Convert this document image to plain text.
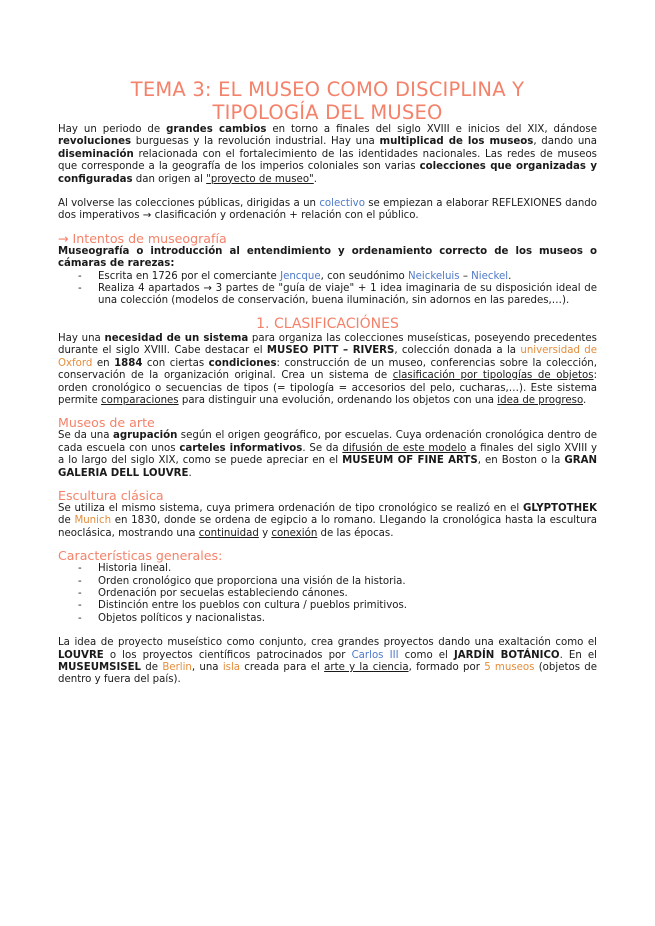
TEMA 3: EL MUSEO COMO DISCIPLINA Y
TIPOLOGÍA DEL MUSEO

Hay un periodo de grandes cambios en torno a finales del siglo XVIII e inicios del XIX, dándose revoluciones burguesas y la revolución industrial. Hay una multiplicad de los museos, dando una diseminación relacionada con el fortalecimiento de las identidades nacionales. Las redes de museos que corresponde a la geografía de los imperios coloniales son varias colecciones que organizadas y configuradas dan origen al "proyecto de museo".

Al volverse las colecciones públicas, dirigidas a un colectivo se empiezan a elaborar REFLEXIONES dando dos imperativos → clasificación y ordenación + relación con el público.

→ Intentos de museografía

Museografía o introducción al entendimiento y ordenamiento correcto de los museos o cámaras de rarezas:

- Escrita en 1726 por el comerciante Jencque, con seudónimo Neickeluis – Nieckel.
- Realiza 4 apartados → 3 partes de "guía de viaje" + 1 idea imaginaria de su disposición ideal de una colección (modelos de conservación, buena iluminación, sin adornos en las paredes,…).
1. CLASIFICACIÓNES

Hay una necesidad de un sistema para organiza las colecciones museísticas, poseyendo precedentes durante el siglo XVIII. Cabe destacar el MUSEO PITT – RIVERS, colección donada a la universidad de Oxford en 1884 con ciertas condiciones: construcción de un museo, conferencias sobre la colección, conservación de la organización original. Crea un sistema de clasificación por tipologías de objetos: orden cronológico o secuencias de tipos (= tipología = accesorios del pelo, cucharas,…). Este sistema permite comparaciones para distinguir una evolución, ordenando los objetos con una idea de progreso.

Museos de arte

Se da una agrupación según el origen geográfico, por escuelas. Cuya ordenación cronológica dentro de cada escuela con unos carteles informativos. Se da difusión de este modelo a finales del siglo XVIII y a lo largo del siglo XIX, como se puede apreciar en el MUSEUM OF FINE ARTS, en Boston o la GRAN GALERIA DELL LOUVRE.

Escultura clásica

Se utiliza el mismo sistema, cuya primera ordenación de tipo cronológico se realizó en el GLYPTOTHEK de Munich en 1830, donde se ordena de egipcio a lo romano. Llegando la cronológica hasta la escultura neoclásica, mostrando una continuidad y conexión de las épocas.

Características generales:
- Historia lineal.
- Orden cronológico que proporciona una visión de la historia.
- Ordenación por secuelas estableciendo cánones.
- Distinción entre los pueblos con cultura / pueblos primitivos.
- Objetos políticos y nacionalistas.

La idea de proyecto museístico como conjunto, crea grandes proyectos dando una exaltación como el LOUVRE o los proyectos científicos patrocinados por Carlos III como el JARDÍN BOTÁNICO. En el MUSEUMSISEL de Berlin, una isla creada para el arte y la ciencia, formado por 5 museos (objetos de dentro y fuera del país).
